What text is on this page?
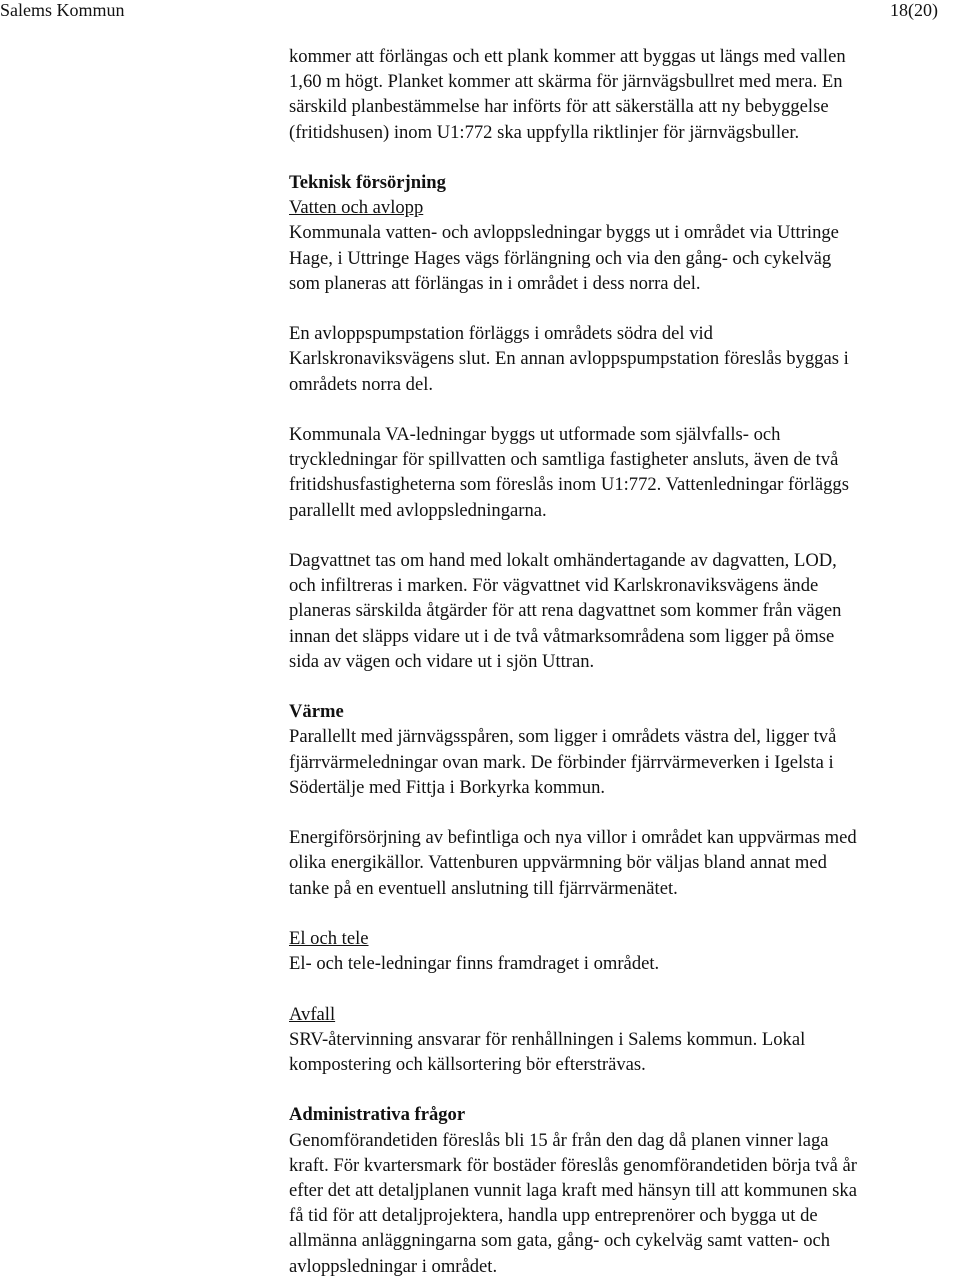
Salems Kommun	18(20)

kommer att förlängas och ett plank kommer att byggas ut längs med vallen
1,60 m högt. Planket kommer att skärma för järnvägsbullret med mera. En
särskild planbestämmelse har införts för att säkerställa att ny bebyggelse
(fritidshusen) inom U1:772 ska uppfylla riktlinjer för järnvägsbuller.

Teknisk försörjning

Vatten och avlopp

Kommunala vatten- och avloppsledningar byggs ut i området via Uttringe
Hage, i Uttringe Hages vägs förlängning och via den gång- och cykelväg
som planeras att förlängas in i området i dess norra del.

En avloppspumpstation förläggs i områdets södra del vid
Karlskronaviksvägens slut. En annan avloppspumpstation föreslås byggas i
områdets norra del.

Kommunala VA-ledningar byggs ut utformade som självfalls- och
tryckledningar för spillvatten och samtliga fastigheter ansluts, även de två
fritidshusfastigheterna som föreslås inom U1:772. Vattenledningar förläggs
parallellt med avloppsledningarna.

Dagvattnet tas om hand med lokalt omhändertagande av dagvatten, LOD,
och infiltreras i marken. För vägvattnet vid Karlskronaviksvägens ände
planeras särskilda åtgärder för att rena dagvattnet som kommer från vägen
innan det släpps vidare ut i de två våtmarksområdena som ligger på ömse
sida av vägen och vidare ut i sjön Uttran.

Värme

Parallellt med järnvägsspåren, som ligger i områdets västra del, ligger två
fjärrvärmeledningar ovan mark. De förbinder fjärrvärmeverken i Igelsta i
Södertälje med Fittja i Borkyrka kommun.

Energiförsörjning av befintliga och nya villor i området kan uppvärmas med
olika energikällor. Vattenburen uppvärmning bör väljas bland annat med
tanke på en eventuell anslutning till fjärrvärmenätet.

El och tele

El- och tele-ledningar finns framdraget i området.

Avfall

SRV-återvinning ansvarar för renhållningen i Salems kommun. Lokal
kompostering och källsortering bör eftersträvas.

Administrativa frågor

Genomförandetiden föreslås bli 15 år från den dag då planen vinner laga
kraft. För kvartersmark för bostäder föreslås genomförandetiden börja två år
efter det att detaljplanen vunnit laga kraft med hänsyn till att kommunen ska
få tid för att detaljprojektera, handla upp entreprenörer och bygga ut de
allmänna anläggningarna som gata, gång- och cykelväg samt vatten- och
avloppsledningar i området.
